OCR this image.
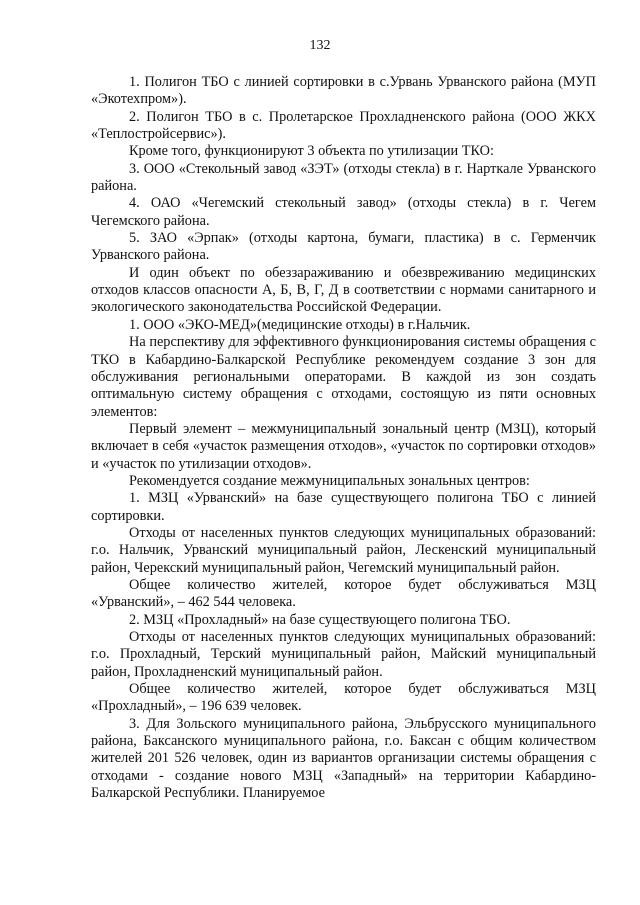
132

1. Полигон ТБО с линией сортировки в с.Урвань Урванского района (МУП «Экотехпром»).

2. Полигон ТБО в с. Пролетарское Прохладненского района (ООО ЖКХ «Теплостройсервис»).

Кроме того, функционируют 3 объекта по утилизации ТКО:

3. ООО «Стекольный завод «ЗЭТ» (отходы стекла) в г. Нарткале Урванского района.

4. ОАО «Чегемский стекольный завод» (отходы стекла) в г. Чегем Чегемского района.

5. ЗАО «Эрпак» (отходы картона, бумаги, пластика) в с. Герменчик Урванского района.

И один объект по обеззараживанию и обезвреживанию медицинских отходов классов опасности А, Б, В, Г, Д в соответствии с нормами санитарного и экологического законодательства Российской Федерации.

1. ООО «ЭКО-МЕД»(медицинские отходы) в г.Нальчик.

На перспективу для эффективного функционирования системы обращения с ТКО в Кабардино-Балкарской Республике рекомендуем создание 3 зон для обслуживания региональными операторами. В каждой из зон создать оптимальную систему обращения с отходами, состоящую из пяти основных элементов:

Первый элемент – межмуниципальный зональный центр (МЗЦ), который включает в себя «участок размещения отходов», «участок по сортировки отходов» и «участок по утилизации отходов».

Рекомендуется создание межмуниципальных зональных центров:

1. МЗЦ «Урванский» на базе существующего полигона ТБО с линией сортировки.

Отходы от населенных пунктов следующих муниципальных образований: г.о. Нальчик, Урванский муниципальный район, Лескенский муниципальный район, Черекский муниципальный район, Чегемский муниципальный район.

Общее количество жителей, которое будет обслуживаться МЗЦ «Урванский», – 462 544 человека.

2. МЗЦ «Прохладный» на базе существующего полигона ТБО.

Отходы от населенных пунктов следующих муниципальных образований: г.о. Прохладный, Терский муниципальный район, Майский муниципальный район, Прохладненский муниципальный район.

Общее количество жителей, которое будет обслуживаться МЗЦ «Прохладный», – 196 639 человек.

3. Для Зольского муниципального района, Эльбрусского муниципального района, Баксанского муниципального района, г.о. Баксан с общим количеством жителей 201 526 человек, один из вариантов организации системы обращения с отходами - создание нового МЗЦ «Западный» на территории Кабардино-Балкарской Республики. Планируемое
